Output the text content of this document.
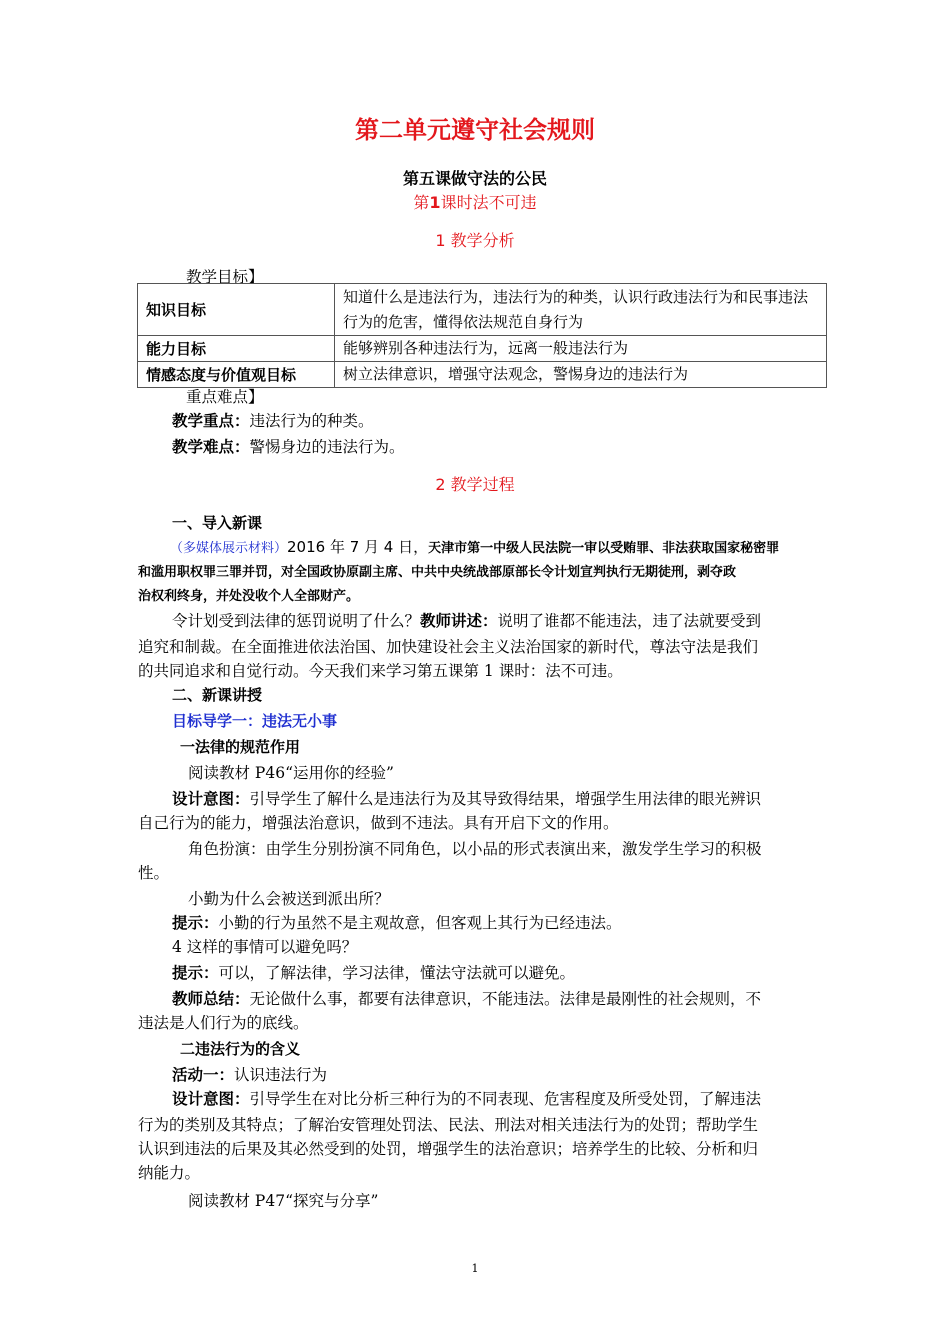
第二单元遵守社会规则
第五课做守法的公民
第1课时法不可违
1 教学分析
教学目标】
知识目标	知道什么是违法行为，违法行为的种类，认识行政违法行为和民事违法行为的危害，懂得依法规范自身行为
能力目标	能够辨别各种违法行为，远离一般违法行为
情感态度与价值观目标	树立法律意识，增强守法观念，警惕身边的违法行为
重点难点】
教学重点：违法行为的种类。
教学难点：警惕身边的违法行为。
2 教学过程
一、导入新课
（多媒体展示材料）2016 年 7 月 4 日，天津市第一中级人民法院一审以受贿罪、非法获取国家秘密罪
和滥用职权罪三罪并罚，对全国政协原副主席、中共中央统战部原部长令计划宣判执行无期徒刑，剥夺政
治权利终身，并处没收个人全部财产。
令计划受到法律的惩罚说明了什么？教师讲述：说明了谁都不能违法，违了法就要受到
追究和制裁。在全面推进依法治国、加快建设社会主义法治国家的新时代，尊法守法是我们
的共同追求和自觉行动。今天我们来学习第五课第 1 课时：法不可违。
二、新课讲授
目标导学一：违法无小事
一法律的规范作用
阅读教材 P46“运用你的经验”
设计意图：引导学生了解什么是违法行为及其导致得结果，增强学生用法律的眼光辨识
自己行为的能力，增强法治意识，做到不违法。具有开启下文的作用。
角色扮演：由学生分别扮演不同角色，以小品的形式表演出来，激发学生学习的积极
性。
小勤为什么会被送到派出所？
提示：小勤的行为虽然不是主观故意，但客观上其行为已经违法。
4 这样的事情可以避免吗？
提示：可以，了解法律，学习法律，懂法守法就可以避免。
教师总结：无论做什么事，都要有法律意识，不能违法。法律是最刚性的社会规则，不
违法是人们行为的底线。
二违法行为的含义
活动一：认识违法行为
设计意图：引导学生在对比分析三种行为的不同表现、危害程度及所受处罚，了解违法
行为的类别及其特点；了解治安管理处罚法、民法、刑法对相关违法行为的处罚；帮助学生
认识到违法的后果及其必然受到的处罚，增强学生的法治意识；培养学生的比较、分析和归
纳能力。
阅读教材 P47“探究与分享”
1
